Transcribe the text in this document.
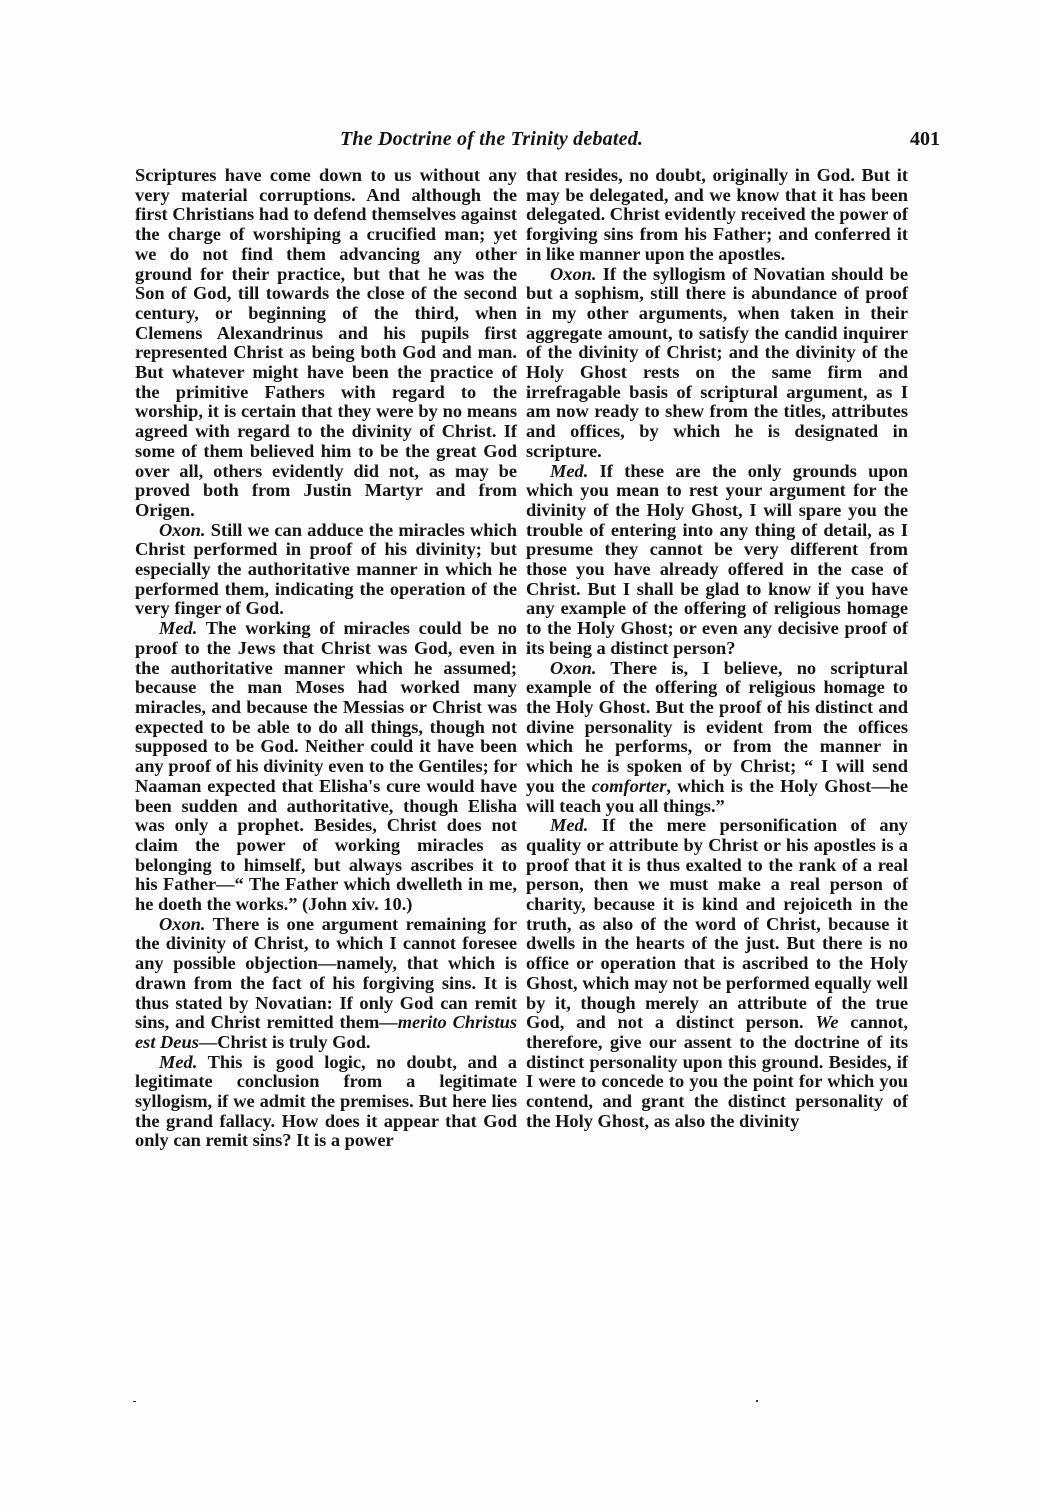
The Doctrine of the Trinity debated.	401

Scriptures have come down to us without any very material corruptions. And although the first Christians had to defend themselves against the charge of worshiping a crucified man; yet we do not find them advancing any other ground for their practice, but that he was the Son of God, till towards the close of the second century, or beginning of the third, when Clemens Alexandrinus and his pupils first represented Christ as being both God and man. But whatever might have been the practice of the primitive Fathers with regard to the worship, it is certain that they were by no means agreed with regard to the divinity of Christ. If some of them believed him to be the great God over all, others evidently did not, as may be proved both from Justin Martyr and from Origen.

Oxon. Still we can adduce the miracles which Christ performed in proof of his divinity; but especially the authoritative manner in which he performed them, indicating the operation of the very finger of God.

Med. The working of miracles could be no proof to the Jews that Christ was God, even in the authoritative manner which he assumed; because the man Moses had worked many miracles, and because the Messias or Christ was expected to be able to do all things, though not supposed to be God. Neither could it have been any proof of his divinity even to the Gentiles; for Naaman expected that Elisha's cure would have been sudden and authoritative, though Elisha was only a prophet. Besides, Christ does not claim the power of working miracles as belonging to himself, but always ascribes it to his Father—“ The Father which dwelleth in me, he doeth the works.” (John xiv. 10.)

Oxon. There is one argument remaining for the divinity of Christ, to which I cannot foresee any possible objection—namely, that which is drawn from the fact of his forgiving sins. It is thus stated by Novatian: If only God can remit sins, and Christ remitted them—merito Christus est Deus—Christ is truly God.

Med. This is good logic, no doubt, and a legitimate conclusion from a legitimate syllogism, if we admit the premises. But here lies the grand fallacy. How does it appear that God only can remit sins? It is a power

that resides, no doubt, originally in God. But it may be delegated, and we know that it has been delegated. Christ evidently received the power of forgiving sins from his Father; and conferred it in like manner upon the apostles.

Oxon. If the syllogism of Novatian should be but a sophism, still there is abundance of proof in my other arguments, when taken in their aggregate amount, to satisfy the candid inquirer of the divinity of Christ; and the divinity of the Holy Ghost rests on the same firm and irrefragable basis of scriptural argument, as I am now ready to shew from the titles, attributes and offices, by which he is designated in scripture.

Med. If these are the only grounds upon which you mean to rest your argument for the divinity of the Holy Ghost, I will spare you the trouble of entering into any thing of detail, as I presume they cannot be very different from those you have already offered in the case of Christ. But I shall be glad to know if you have any example of the offering of religious homage to the Holy Ghost; or even any decisive proof of its being a distinct person?

Oxon. There is, I believe, no scriptural example of the offering of religious homage to the Holy Ghost. But the proof of his distinct and divine personality is evident from the offices which he performs, or from the manner in which he is spoken of by Christ; “ I will send you the comforter, which is the Holy Ghost—he will teach you all things.”

Med. If the mere personification of any quality or attribute by Christ or his apostles is a proof that it is thus exalted to the rank of a real person, then we must make a real person of charity, because it is kind and rejoiceth in the truth, as also of the word of Christ, because it dwells in the hearts of the just. But there is no office or operation that is ascribed to the Holy Ghost, which may not be performed equally well by it, though merely an attribute of the true God, and not a distinct person. We cannot, therefore, give our assent to the doctrine of its distinct personality upon this ground. Besides, if I were to concede to you the point for which you contend, and grant the distinct personality of the Holy Ghost, as also the divinity
